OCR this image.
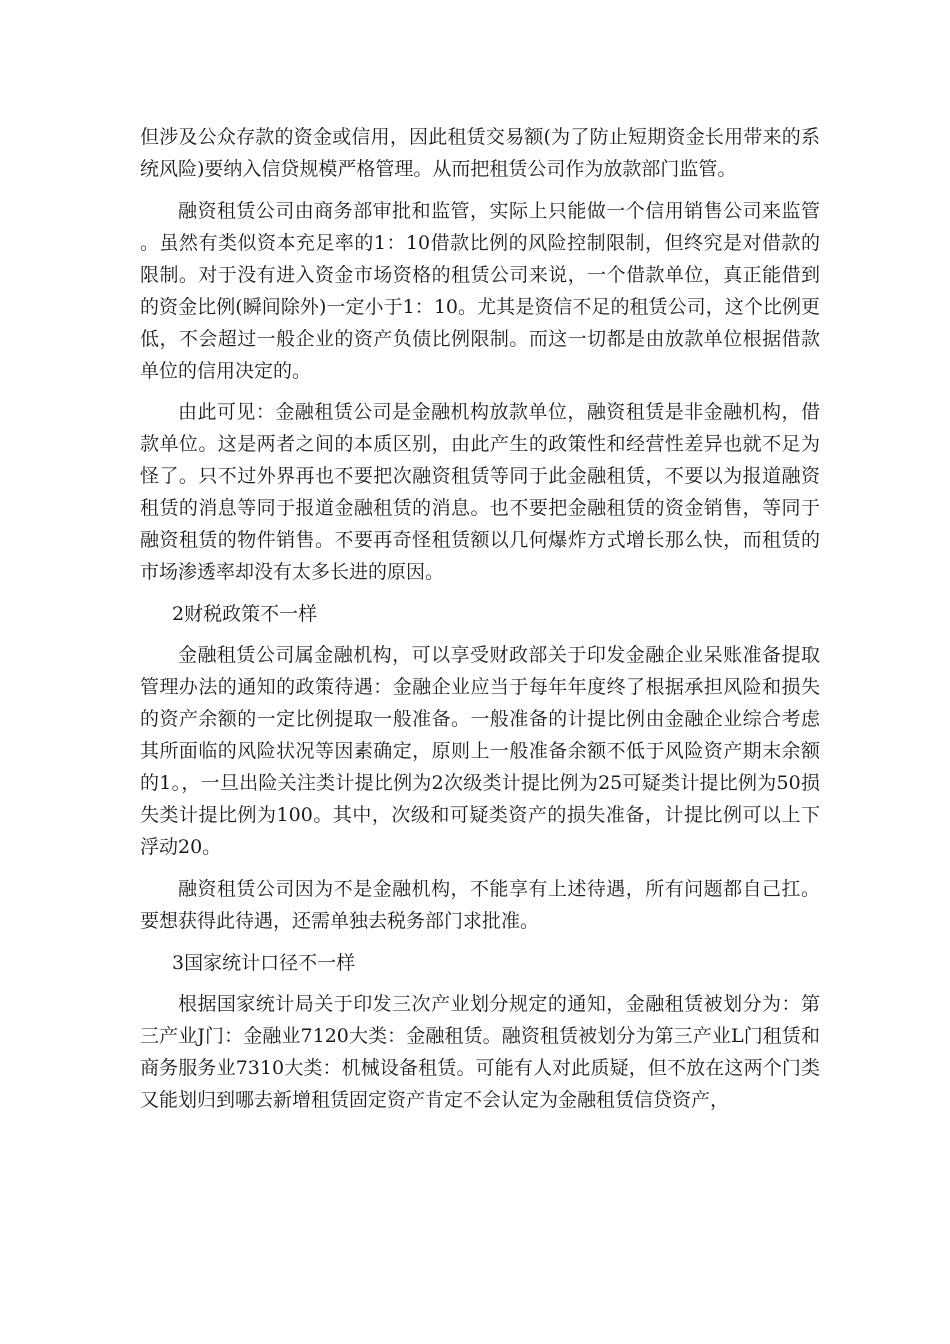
但涉及公众存款的资金或信用，因此租赁交易额(为了防止短期资金长用带来的系统风险)要纳入信贷规模严格管理。从而把租赁公司作为放款部门监管。

融资租赁公司由商务部审批和监管，实际上只能做一个信用销售公司来监管。虽然有类似资本充足率的1：10借款比例的风险控制限制，但终究是对借款的限制。对于没有进入资金市场资格的租赁公司来说，一个借款单位，真正能借到的资金比例(瞬间除外)一定小于1：10。尤其是资信不足的租赁公司，这个比例更低，不会超过一般企业的资产负债比例限制。而这一切都是由放款单位根据借款单位的信用决定的。

由此可见：金融租赁公司是金融机构放款单位，融资租赁是非金融机构，借款单位。这是两者之间的本质区别，由此产生的政策性和经营性差异也就不足为怪了。只不过外界再也不要把次融资租赁等同于此金融租赁，不要以为报道融资租赁的消息等同于报道金融租赁的消息。也不要把金融租赁的资金销售，等同于融资租赁的物件销售。不要再奇怪租赁额以几何爆炸方式增长那么快，而租赁的市场渗透率却没有太多长进的原因。

2财税政策不一样

金融租赁公司属金融机构，可以享受财政部关于印发金融企业呆账准备提取管理办法的通知的政策待遇：金融企业应当于每年年度终了根据承担风险和损失的资产余额的一定比例提取一般准备。一般准备的计提比例由金融企业综合考虑其所面临的风险状况等因素确定，原则上一般准备余额不低于风险资产期末余额的1。，一旦出险关注类计提比例为2次级类计提比例为25可疑类计提比例为50损失类计提比例为100。其中，次级和可疑类资产的损失准备，计提比例可以上下浮动20。

融资租赁公司因为不是金融机构，不能享有上述待遇，所有问题都自己扛。要想获得此待遇，还需单独去税务部门求批准。

3国家统计口径不一样

根据国家统计局关于印发三次产业划分规定的通知，金融租赁被划分为：第三产业J门：金融业7120大类：金融租赁。融资租赁被划分为第三产业L门租赁和商务服务业7310大类：机械设备租赁。可能有人对此质疑，但不放在这两个门类又能划归到哪去新增租赁固定资产肯定不会认定为金融租赁信贷资产，
